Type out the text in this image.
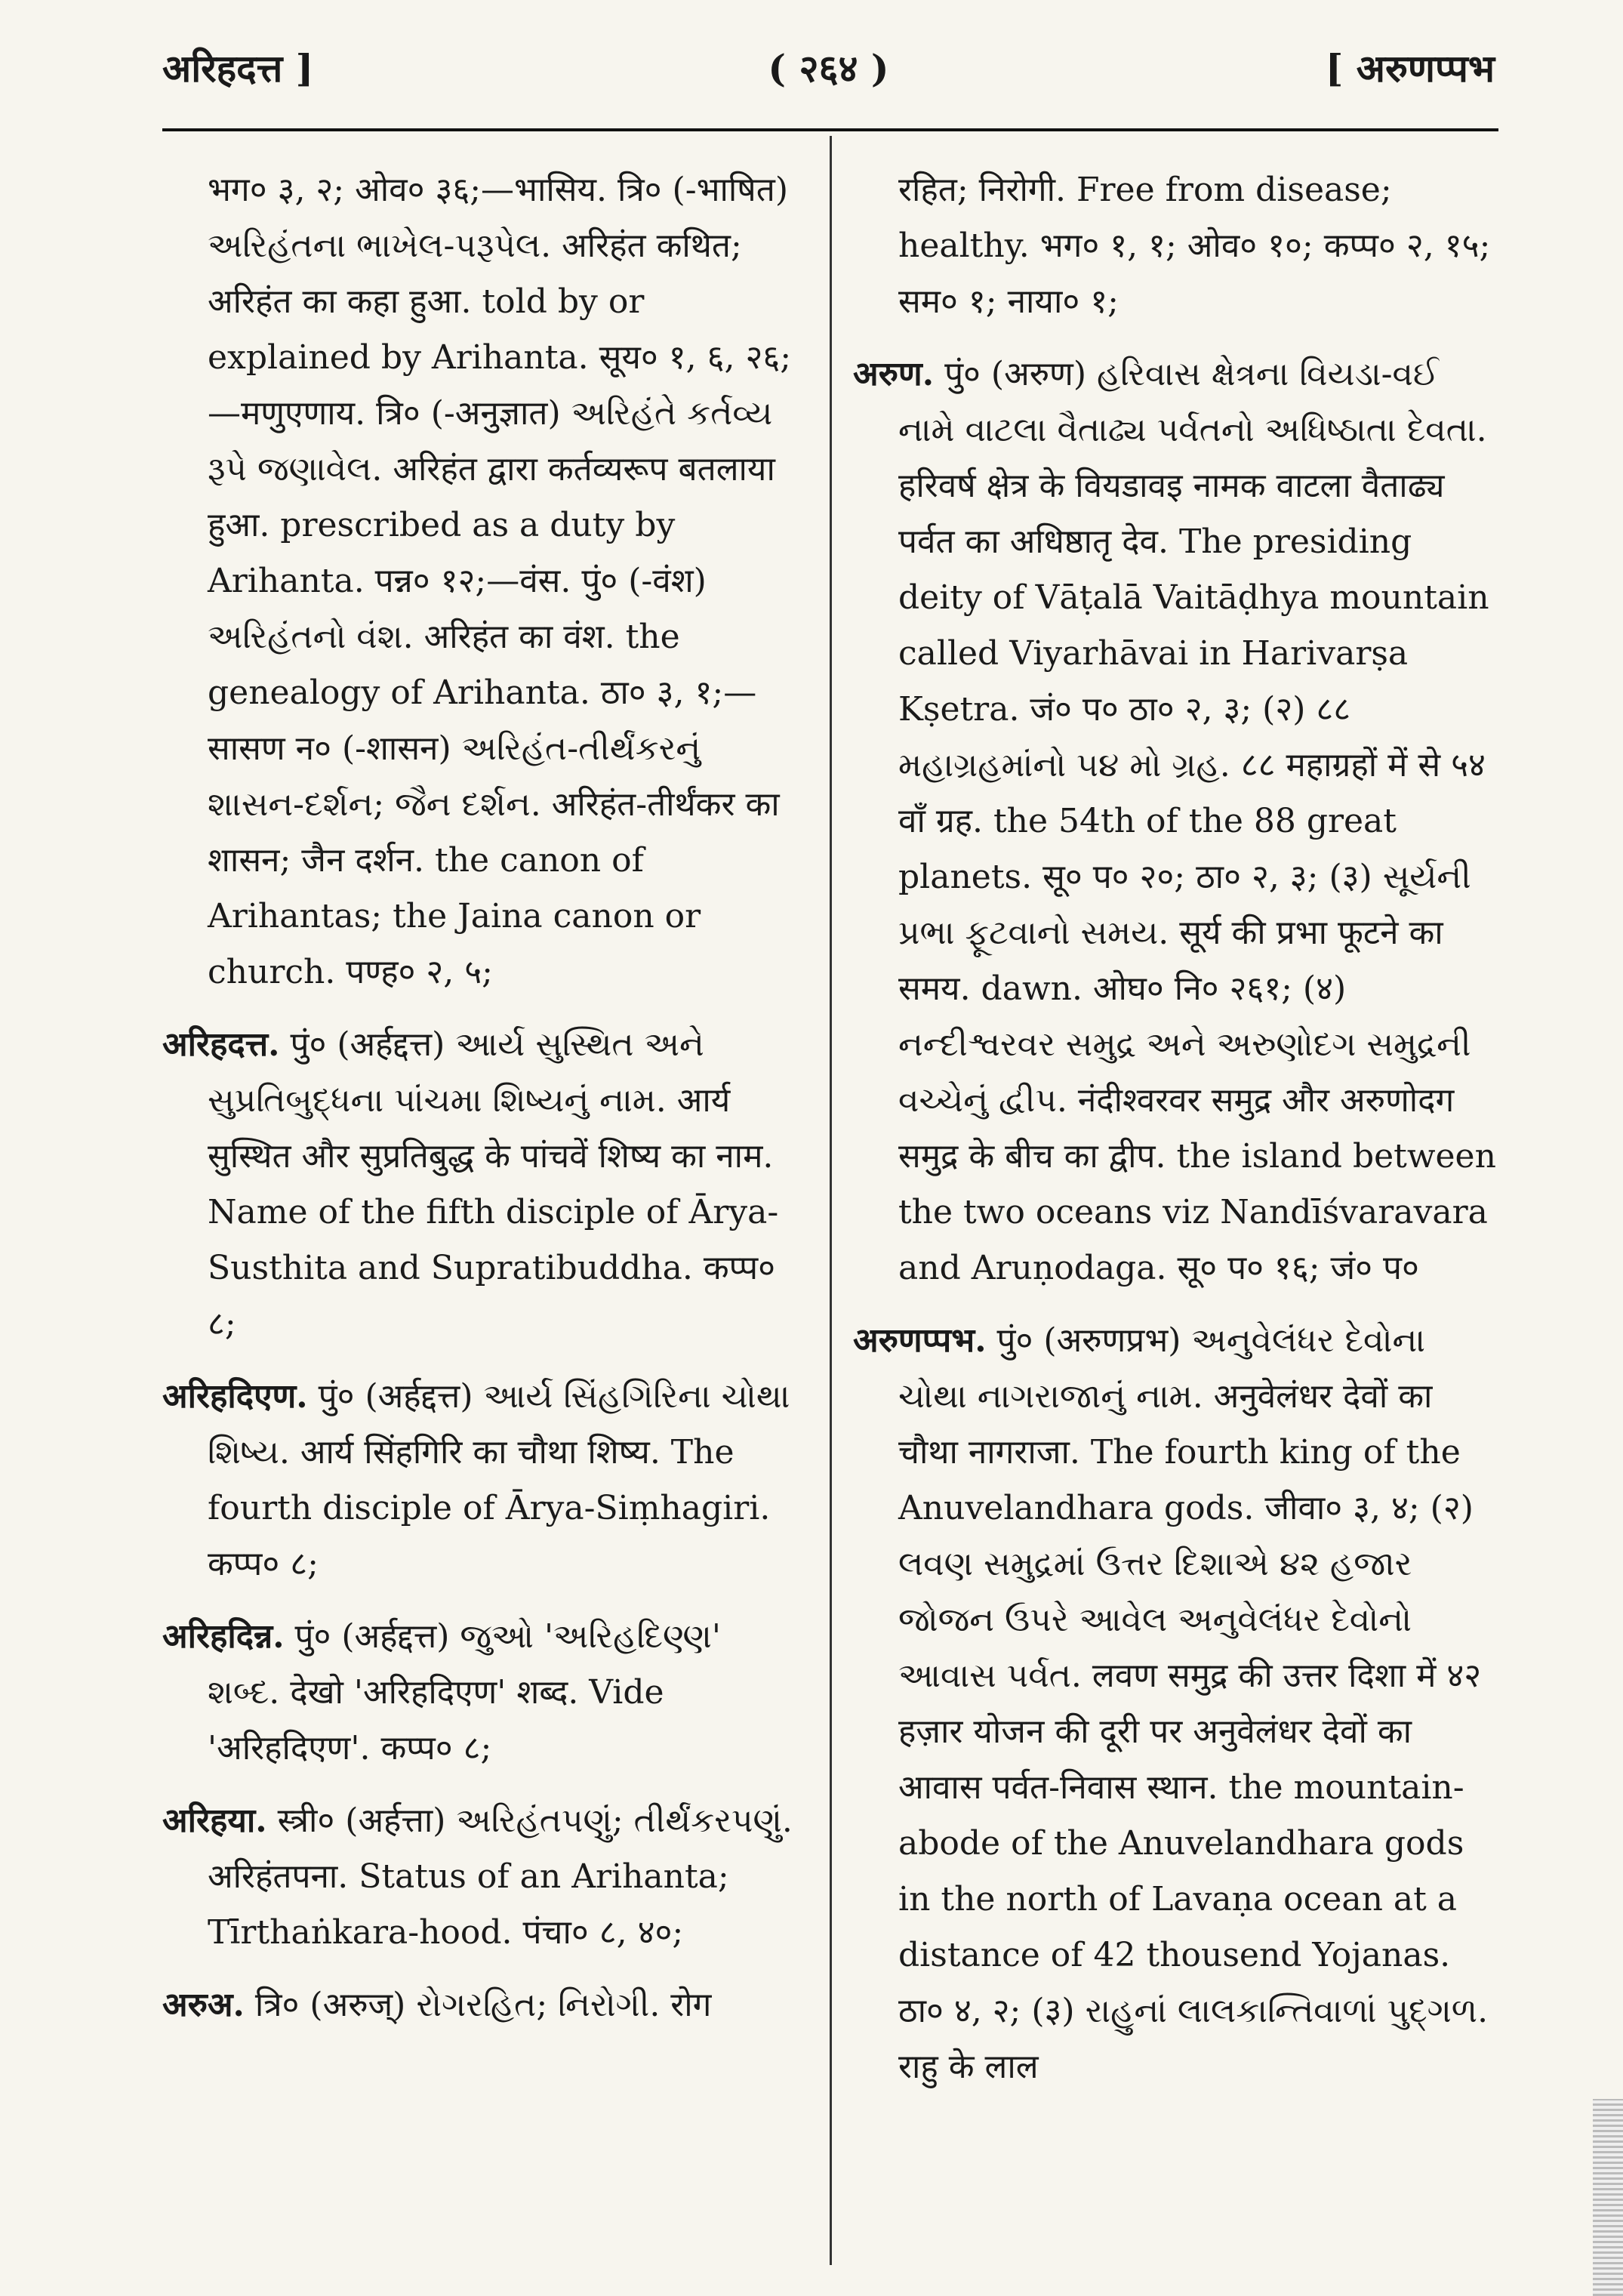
अरिहदत्त ]	( २६४ )	[ अरुणप्पभ

भग० ३, २; ओव० ३६;—भासिय. त्रि० (-भाषित) અરિહંતના ભાખેલ-પરૂપેલ. अरिहंत कथित; अरिहंत का कहा हुआ. told by or explained by Arihanta. सूय० १, ६, २६;—मणुएणाय. त्रि० (-अनुज्ञात) અરિહંતે કર્તવ્ય રૂપે જણાવેલ. अरिहंत द्वारा कर्तव्यरूप बतलाया हुआ. prescribed as a duty by Arihanta. पन्न० १२;—वंस. पुं० (-वंश) અરિહંતનો વંશ. अरिहंत का वंश. the genealogy of Arihanta. ठा० ३, १;—सासण न० (-शासन) અરિહંત-તીર્થંકરનું શાસન-દર્શન; જૈન દર્શન. अरिहंत-तीर्थंकर का शासन; जैन दर्शन. the canon of Arihantas; the Jaina canon or church. पण्ह० २, ५;

अरिहदत्त. पुं० (अर्हद्दत्त) આર્ય સુસ્થિત અને સુપ્રતિબુદ્ધના પાંચમા શિષ્યનું નામ. आर्य सुस्थित और सुप्रतिबुद्ध के पांचवें शिष्य का नाम. Name of the fifth disciple of Ārya-Susthita and Supratibuddha. कप्प० ८;

अरिहदिएण. पुं० (अर्हद्दत्त) આર્ય સિંહગિરિના ચોથા શિષ્ય. आर्य सिंहगिरि का चौथा शिष्य. The fourth disciple of Ārya-Siṃhagiri. कप्प० ८;

अरिहदिन्न. पुं० (अर्हद्दत्त) જુઓ 'અરિહદિણ્ણ' શબ્દ. देखो 'अरिहदिएण' शब्द. Vide 'अरिहदिएण'. कप्प० ८;

अरिहया. स्त्री० (अर्हत्ता) અરિહંતપણું; તીર્થંકરપણું. अरिहंतपना. Status of an Arihanta; Tīrthaṅkara-hood. पंचा० ८, ४०;

अरुअ. त्रि० (अरुज्) રોગરહિત; નિરોગી. रोग

रहित; निरोगी. Free from disease; healthy. भग० १, १; ओव० १०; कप्प० २, १५; सम० १; नाया० १;

अरुण. पुं० (अरुण) હરિવાસ ક્ષેત્રના વિયડા-વઈ નામે વાટલા વૈતાઢ્ય પર્વતનો અધિષ્ઠાતા દેવતા. हरिवर्ष क्षेत्र के वियडावइ नामक वाटला वैताढ्य पर्वत का अधिष्ठातृ देव. The presiding deity of Vāṭalā Vaitāḍhya mountain called Viyarhāvai in Harivarṣa Kṣetra. जं० प० ठा० २, ३; (२) ८८ મહાગ્રહમાંનો ૫૪ મો ગ્રહ. ८८ महाग्रहों में से ५४ वाँ ग्रह. the 54th of the 88 great planets. सू० प० २०; ठा० २, ३; (३) સૂર્યની પ્રભા ફૂટવાનો સમય. सूर्य की प्रभा फूटने का समय. dawn. ओघ० नि० २६१; (४) નન્દીશ્વરવર સમુદ્ર અને અરુણોદગ સમુદ્રની વચ્ચેનું દ્વીપ. नंदीश्वरवर समुद्र और अरुणोदग समुद्र के बीच का द्वीप. the island between the two oceans viz Nandīśvaravara and Aruṇodaga. सू० प० १६; जं० प०

अरुणप्पभ. पुं० (अरुणप्रभ) અનુવેલંધર દેવોના ચોથા નાગરાજાનું નામ. अनुवेलंधर देवों का चौथा नागराजा. The fourth king of the Anuvelandhara gods. जीवा० ३, ४; (२) લવણ સમુદ્રમાં ઉત્તર દિશાએ ૪૨ હજાર જોજન ઉપરે આવેલ અનુવેલંધર દેવોનો આવાસ પર્વત. लवण समुद्र की उत्तर दिशा में ४२ हज़ार योजन की दूरी पर अनुवेलंधर देवों का आवास पर्वत-निवास स्थान. the mountain-abode of the Anuvelandhara gods in the north of Lavaṇa ocean at a distance of 42 thousend Yojanas. ठा० ४, २; (३) રાહુનાં લાલકાન્તિવાળાં પુદ્ગળ. राहु के लाल
